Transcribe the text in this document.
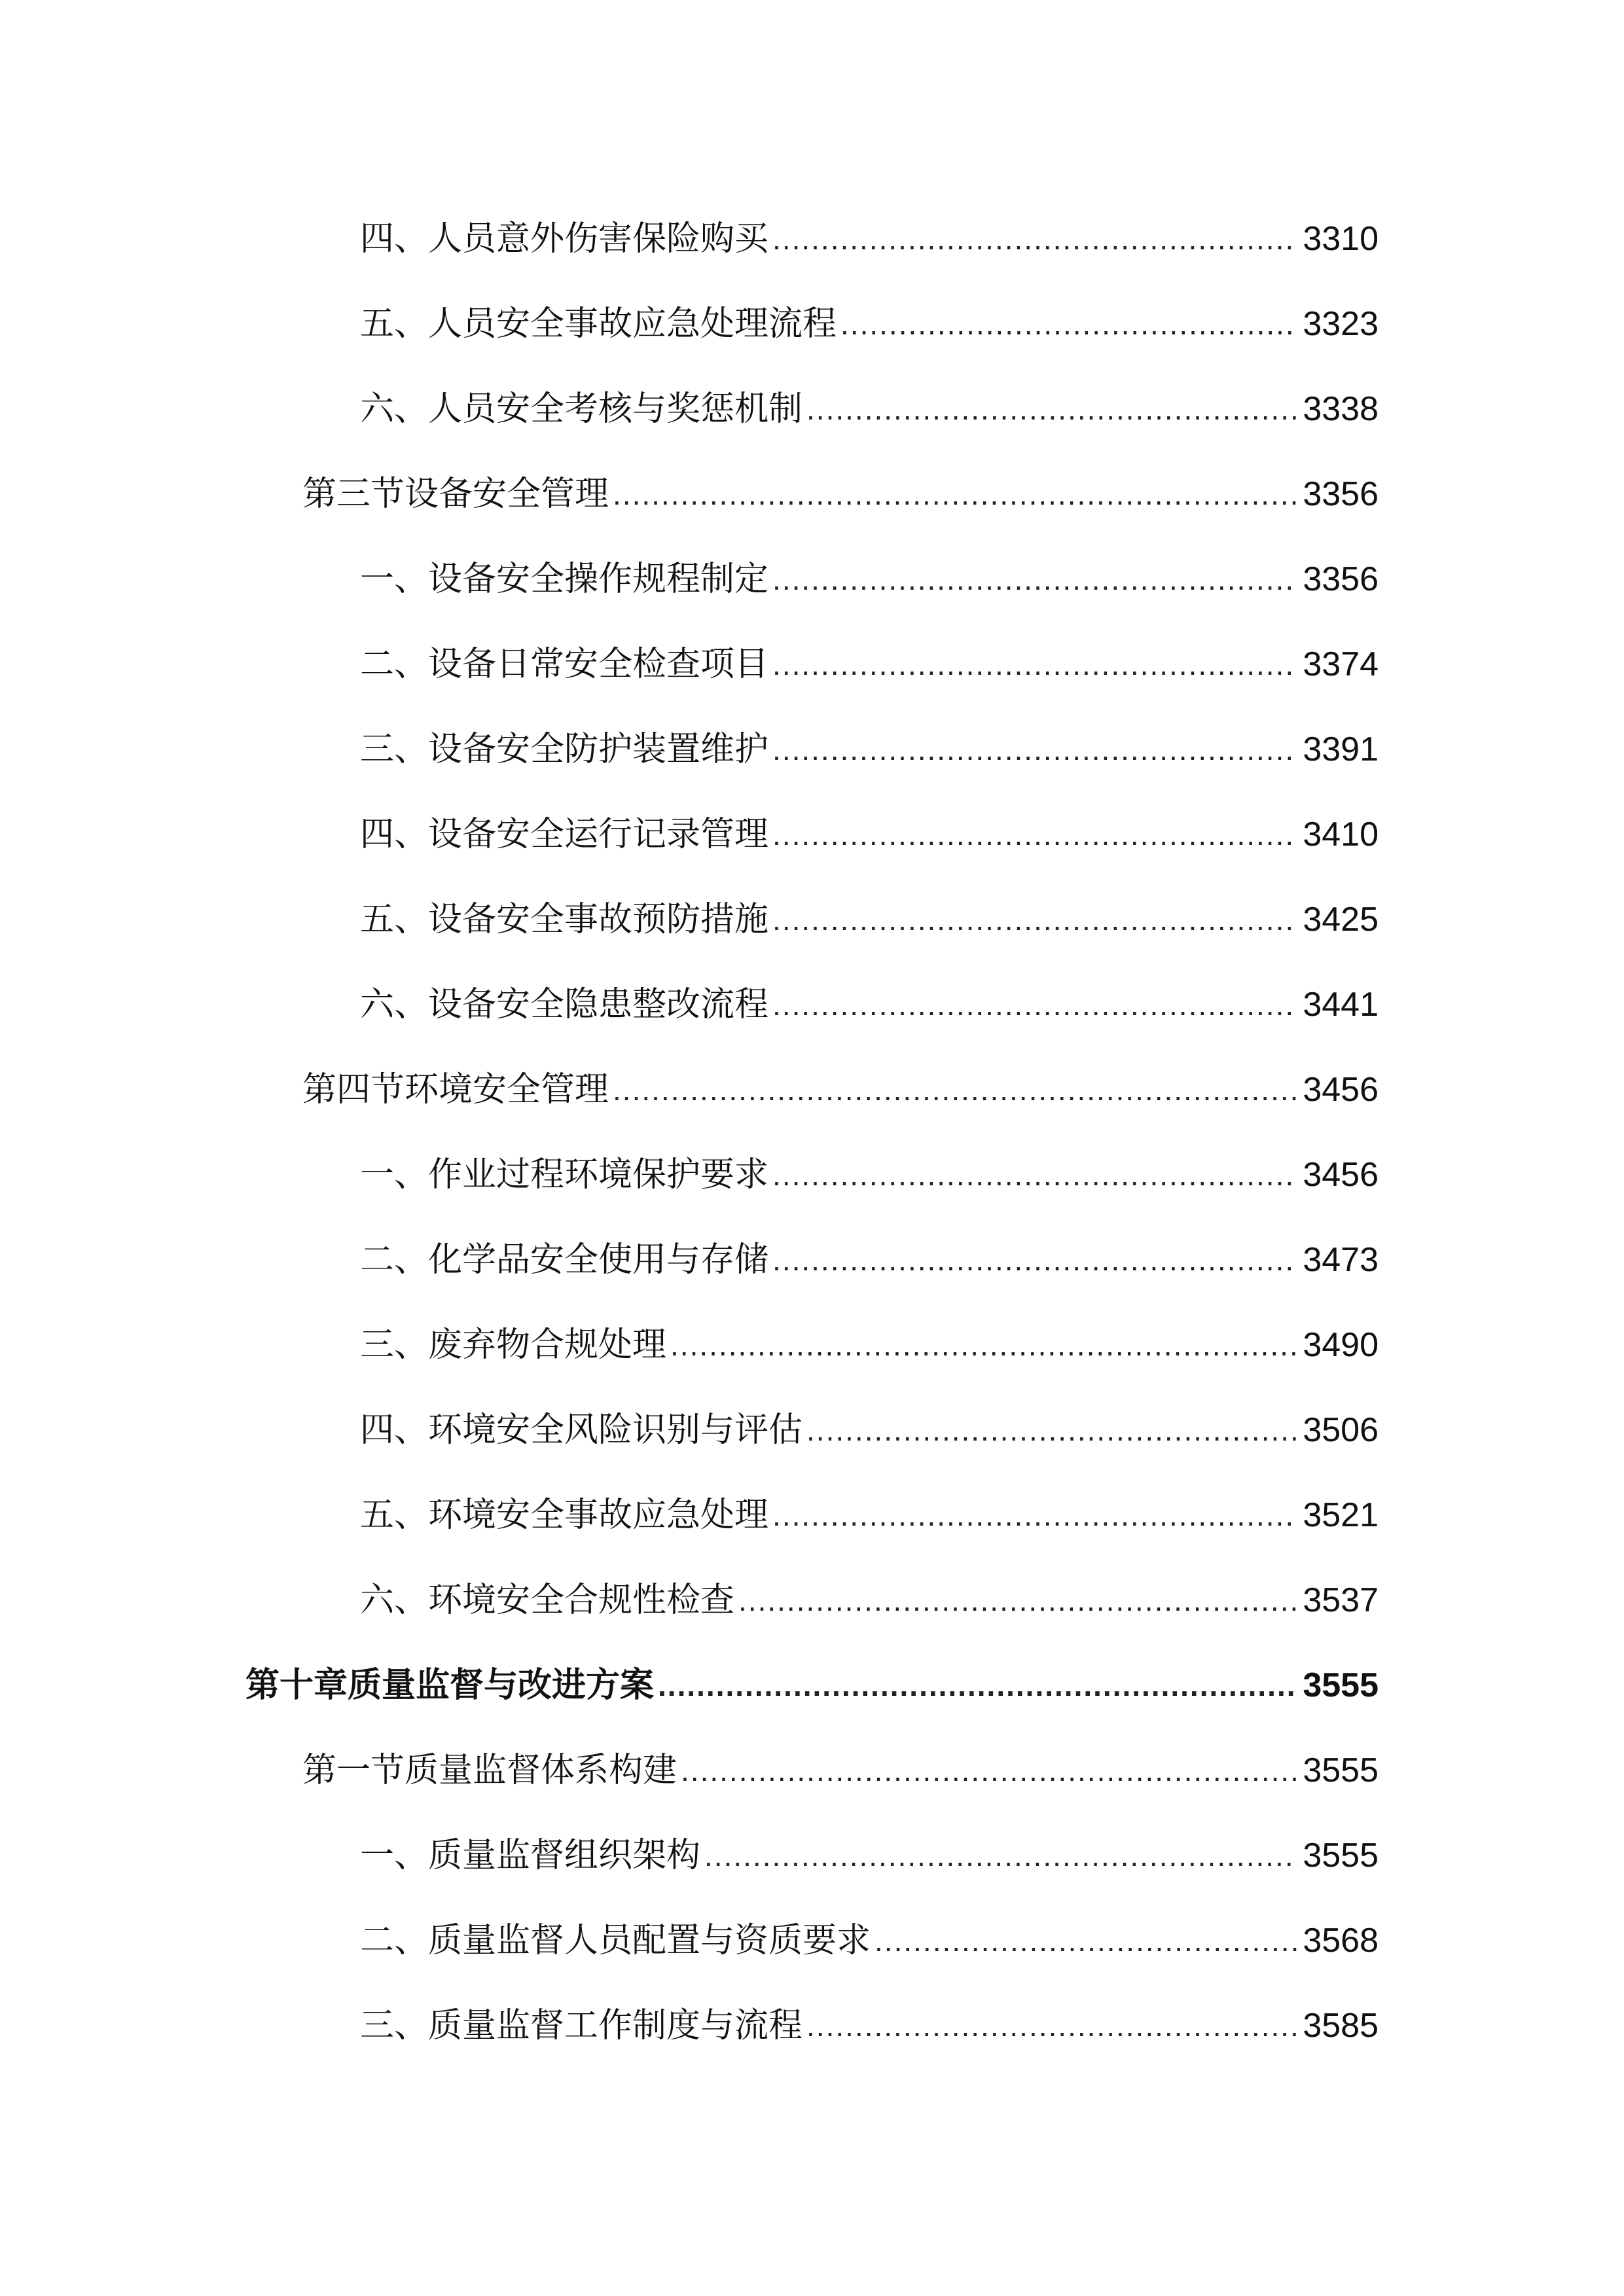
四、人员意外伤害保险购买 .....	3310
五、人员安全事故应急处理流程 .....	3323
六、人员安全考核与奖惩机制 .....	3338
第三节设备安全管理 .....	3356
一、设备安全操作规程制定 .....	3356
二、设备日常安全检查项目 .....	3374
三、设备安全防护装置维护 .....	3391
四、设备安全运行记录管理 .....	3410
五、设备安全事故预防措施 .....	3425
六、设备安全隐患整改流程 .....	3441
第四节环境安全管理 .....	3456
一、作业过程环境保护要求 .....	3456
二、化学品安全使用与存储 .....	3473
三、废弃物合规处理 .....	3490
四、环境安全风险识别与评估 .....	3506
五、环境安全事故应急处理 .....	3521
六、环境安全合规性检查 .....	3537
第十章质量监督与改进方案 .....	3555
第一节质量监督体系构建 .....	3555
一、质量监督组织架构 .....	3555
二、质量监督人员配置与资质要求 .....	3568
三、质量监督工作制度与流程 .....	3585
